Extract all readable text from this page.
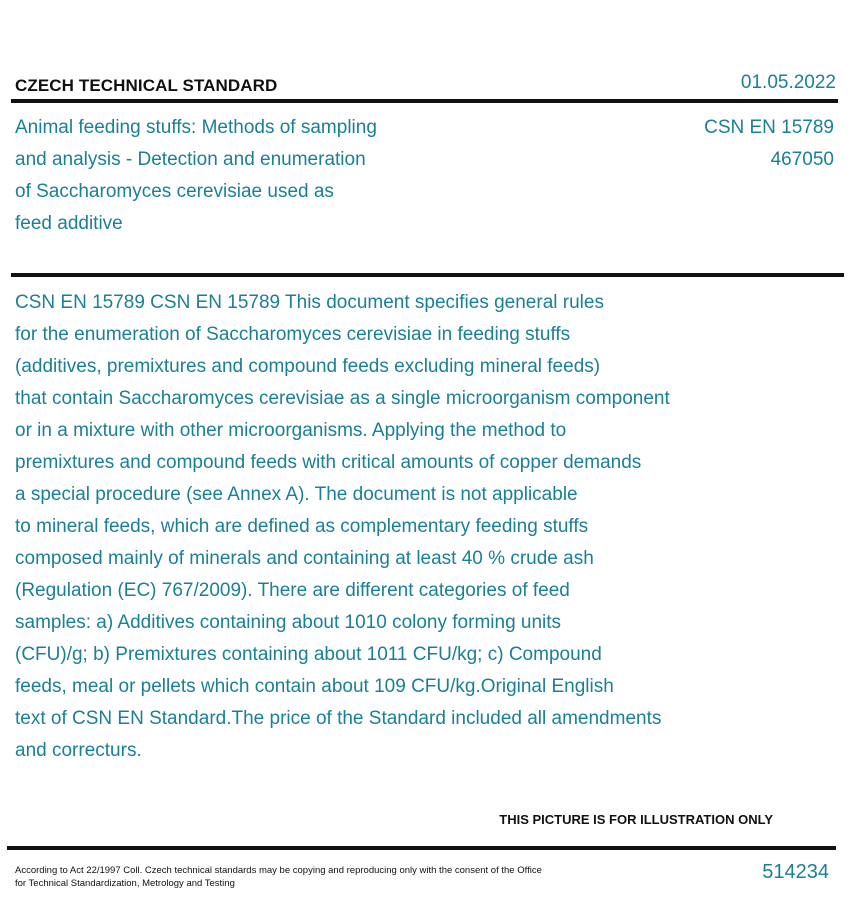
CZECH TECHNICAL STANDARD	01.05.2022
Animal feeding stuffs: Methods of sampling
and analysis - Detection and enumeration
of Saccharomyces cerevisiae used as
feed additive
CSN EN 15789
467050
CSN EN 15789 CSN EN 15789 This document specifies general rules
for the enumeration of Saccharomyces cerevisiae in feeding stuffs
(additives, premixtures and compound feeds excluding mineral feeds)
that contain Saccharomyces cerevisiae as a single microorganism component
or in a mixture with other microorganisms. Applying the method to
premixtures and compound feeds with critical amounts of copper demands
a special procedure (see Annex A). The document is not applicable
to mineral feeds, which are defined as complementary feeding stuffs
composed mainly of minerals and containing at least 40 % crude ash
(Regulation (EC) 767/2009). There are different categories of feed
samples: a) Additives containing about 1010 colony forming units
(CFU)/g; b) Premixtures containing about 1011 CFU/kg; c) Compound
feeds, meal or pellets which contain about 109 CFU/kg.Original English
text of CSN EN Standard.The price of the Standard included all amendments
and correcturs.
THIS PICTURE IS FOR ILLUSTRATION ONLY
According to Act 22/1997 Coll. Czech technical standards may be copying and reproducing only with the consent of the Office
for Technical Standardization, Metrology and Testing
514234
